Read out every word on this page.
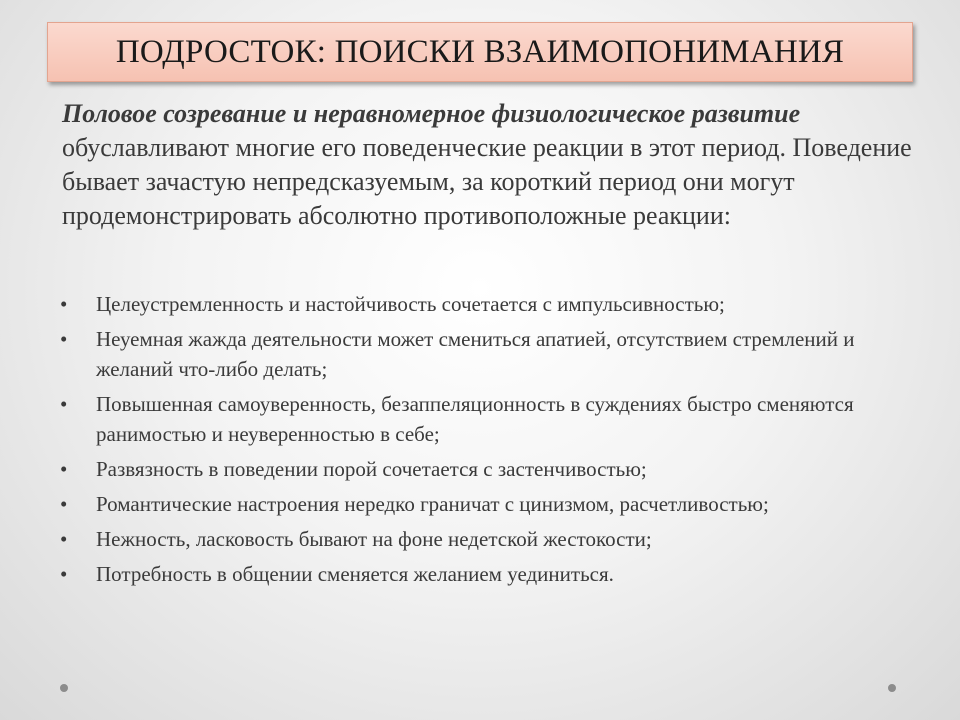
ПОДРОСТОК: ПОИСКИ ВЗАИМОПОНИМАНИЯ
Половое созревание и неравномерное физиологическое развитие обуславливают многие его поведенческие реакции в этот период. Поведение бывает зачастую непредсказуемым, за короткий период они могут продемонстрировать абсолютно противоположные реакции:
• Целеустремленность и настойчивость сочетается с импульсивностью;
• Неуемная жажда деятельности может смениться апатией, отсутствием стремлений и желаний что-либо делать;
• Повышенная самоуверенность, безаппеляционность в суждениях быстро сменяются ранимостью и неуверенностью в себе;
• Развязность в поведении порой сочетается с застенчивостью;
• Романтические настроения нередко граничат с цинизмом, расчетливостью;
• Нежность, ласковость бывают на фоне недетской жестокости;
• Потребность в общении сменяется желанием уединиться.
